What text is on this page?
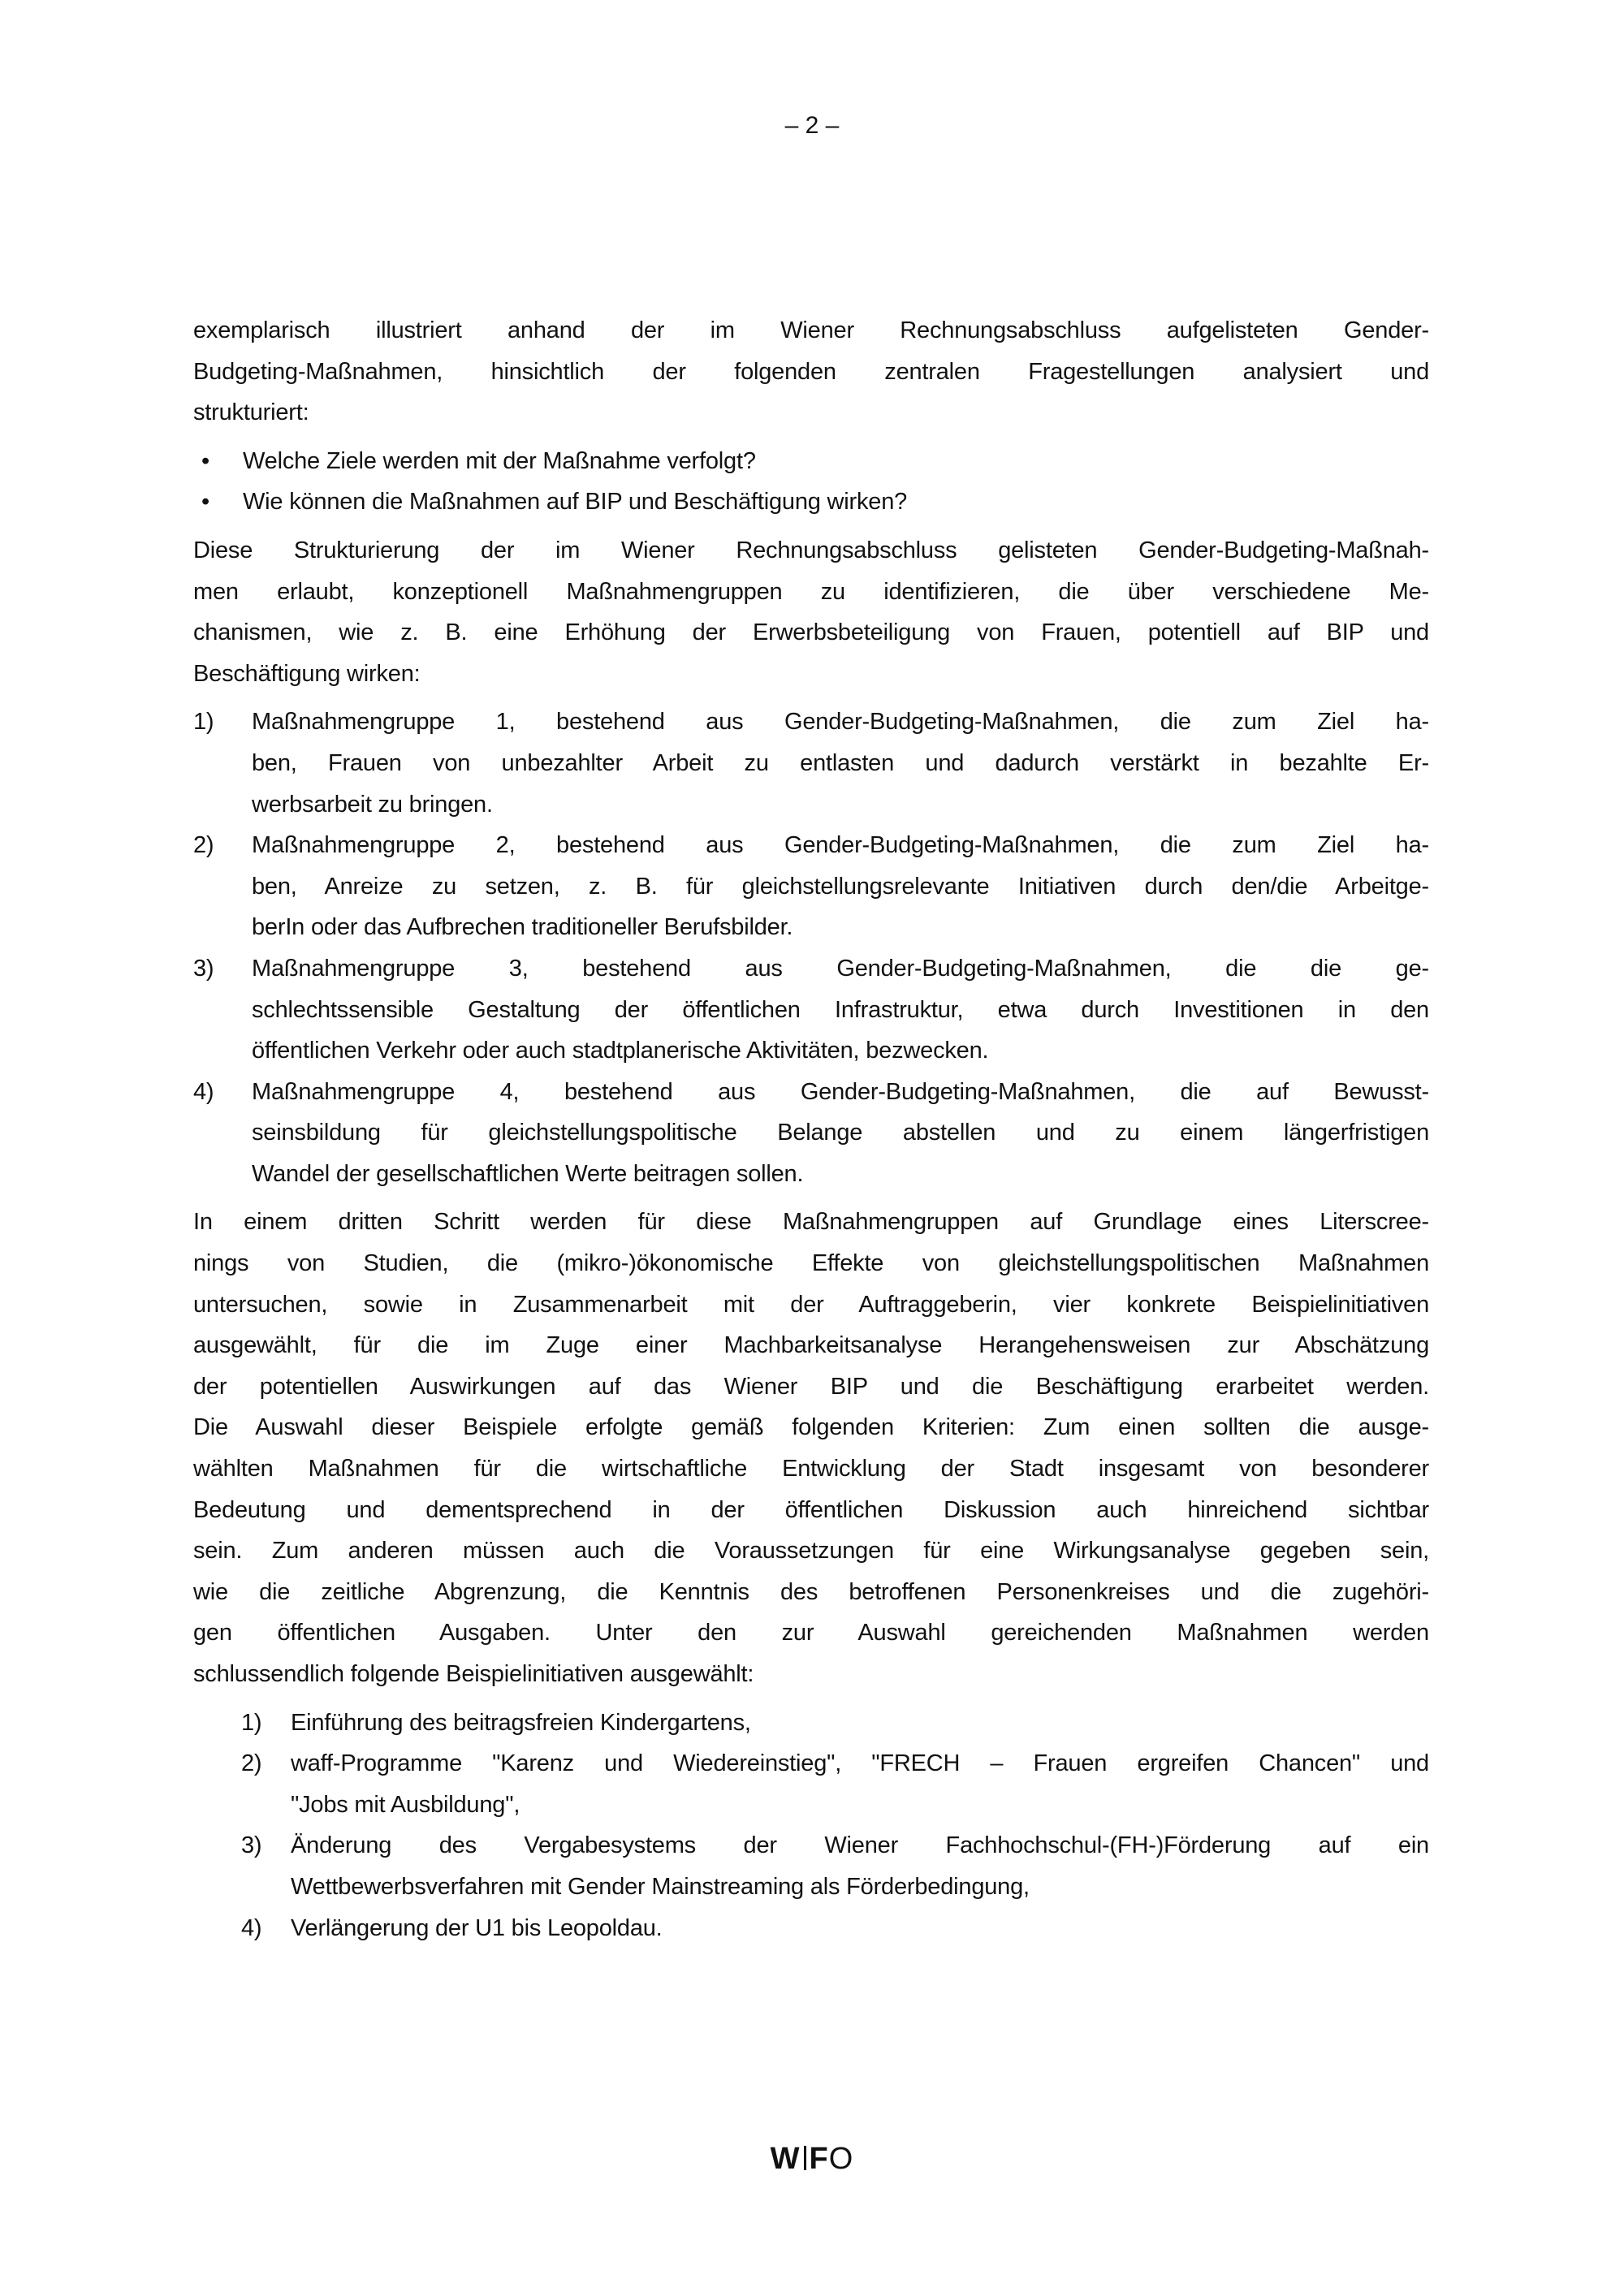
– 2 –
exemplarisch illustriert anhand der im Wiener Rechnungsabschluss aufgelisteten Gender-
Budgeting-Maßnahmen, hinsichtlich der folgenden zentralen Fragestellungen analysiert und
strukturiert:
• Welche Ziele werden mit der Maßnahme verfolgt?
• Wie können die Maßnahmen auf BIP und Beschäftigung wirken?
Diese Strukturierung der im Wiener Rechnungsabschluss gelisteten Gender-Budgeting-Maßnah-
men erlaubt, konzeptionell Maßnahmengruppen zu identifizieren, die über verschiedene Me-
chanismen, wie z. B. eine Erhöhung der Erwerbsbeteiligung von Frauen, potentiell auf BIP und
Beschäftigung wirken:
1) Maßnahmengruppe 1, bestehend aus Gender-Budgeting-Maßnahmen, die zum Ziel ha-
ben, Frauen von unbezahlter Arbeit zu entlasten und dadurch verstärkt in bezahlte Er-
werbsarbeit zu bringen.
2) Maßnahmengruppe 2, bestehend aus Gender-Budgeting-Maßnahmen, die zum Ziel ha-
ben, Anreize zu setzen, z. B. für gleichstellungsrelevante Initiativen durch den/die Arbeitge-
berIn oder das Aufbrechen traditioneller Berufsbilder.
3) Maßnahmengruppe 3, bestehend aus Gender-Budgeting-Maßnahmen, die die ge-
schlechtssensible Gestaltung der öffentlichen Infrastruktur, etwa durch Investitionen in den
öffentlichen Verkehr oder auch stadtplanerische Aktivitäten, bezwecken.
4) Maßnahmengruppe 4, bestehend aus Gender-Budgeting-Maßnahmen, die auf Bewusst-
seinsbildung für gleichstellungspolitische Belange abstellen und zu einem längerfristigen
Wandel der gesellschaftlichen Werte beitragen sollen.
In einem dritten Schritt werden für diese Maßnahmengruppen auf Grundlage eines Literscree-
nings von Studien, die (mikro-)ökonomische Effekte von gleichstellungspolitischen Maßnahmen
untersuchen, sowie in Zusammenarbeit mit der Auftraggeberin, vier konkrete Beispielinitiativen
ausgewählt, für die im Zuge einer Machbarkeitsanalyse Herangehensweisen zur Abschätzung
der potentiellen Auswirkungen auf das Wiener BIP und die Beschäftigung erarbeitet werden.
Die Auswahl dieser Beispiele erfolgte gemäß folgenden Kriterien: Zum einen sollten die ausge-
wählten Maßnahmen für die wirtschaftliche Entwicklung der Stadt insgesamt von besonderer
Bedeutung und dementsprechend in der öffentlichen Diskussion auch hinreichend sichtbar
sein. Zum anderen müssen auch die Voraussetzungen für eine Wirkungsanalyse gegeben sein,
wie die zeitliche Abgrenzung, die Kenntnis des betroffenen Personenkreises und die zugehöri-
gen öffentlichen Ausgaben. Unter den zur Auswahl gereichenden Maßnahmen werden
schlussendlich folgende Beispielinitiativen ausgewählt:
1) Einführung des beitragsfreien Kindergartens,
2) waff-Programme "Karenz und Wiedereinstieg", "FRECH – Frauen ergreifen Chancen" und
"Jobs mit Ausbildung",
3) Änderung des Vergabesystems der Wiener Fachhochschul-(FH-)Förderung auf ein
Wettbewerbsverfahren mit Gender Mainstreaming als Förderbedingung,
4) Verlängerung der U1 bis Leopoldau.
W FO
